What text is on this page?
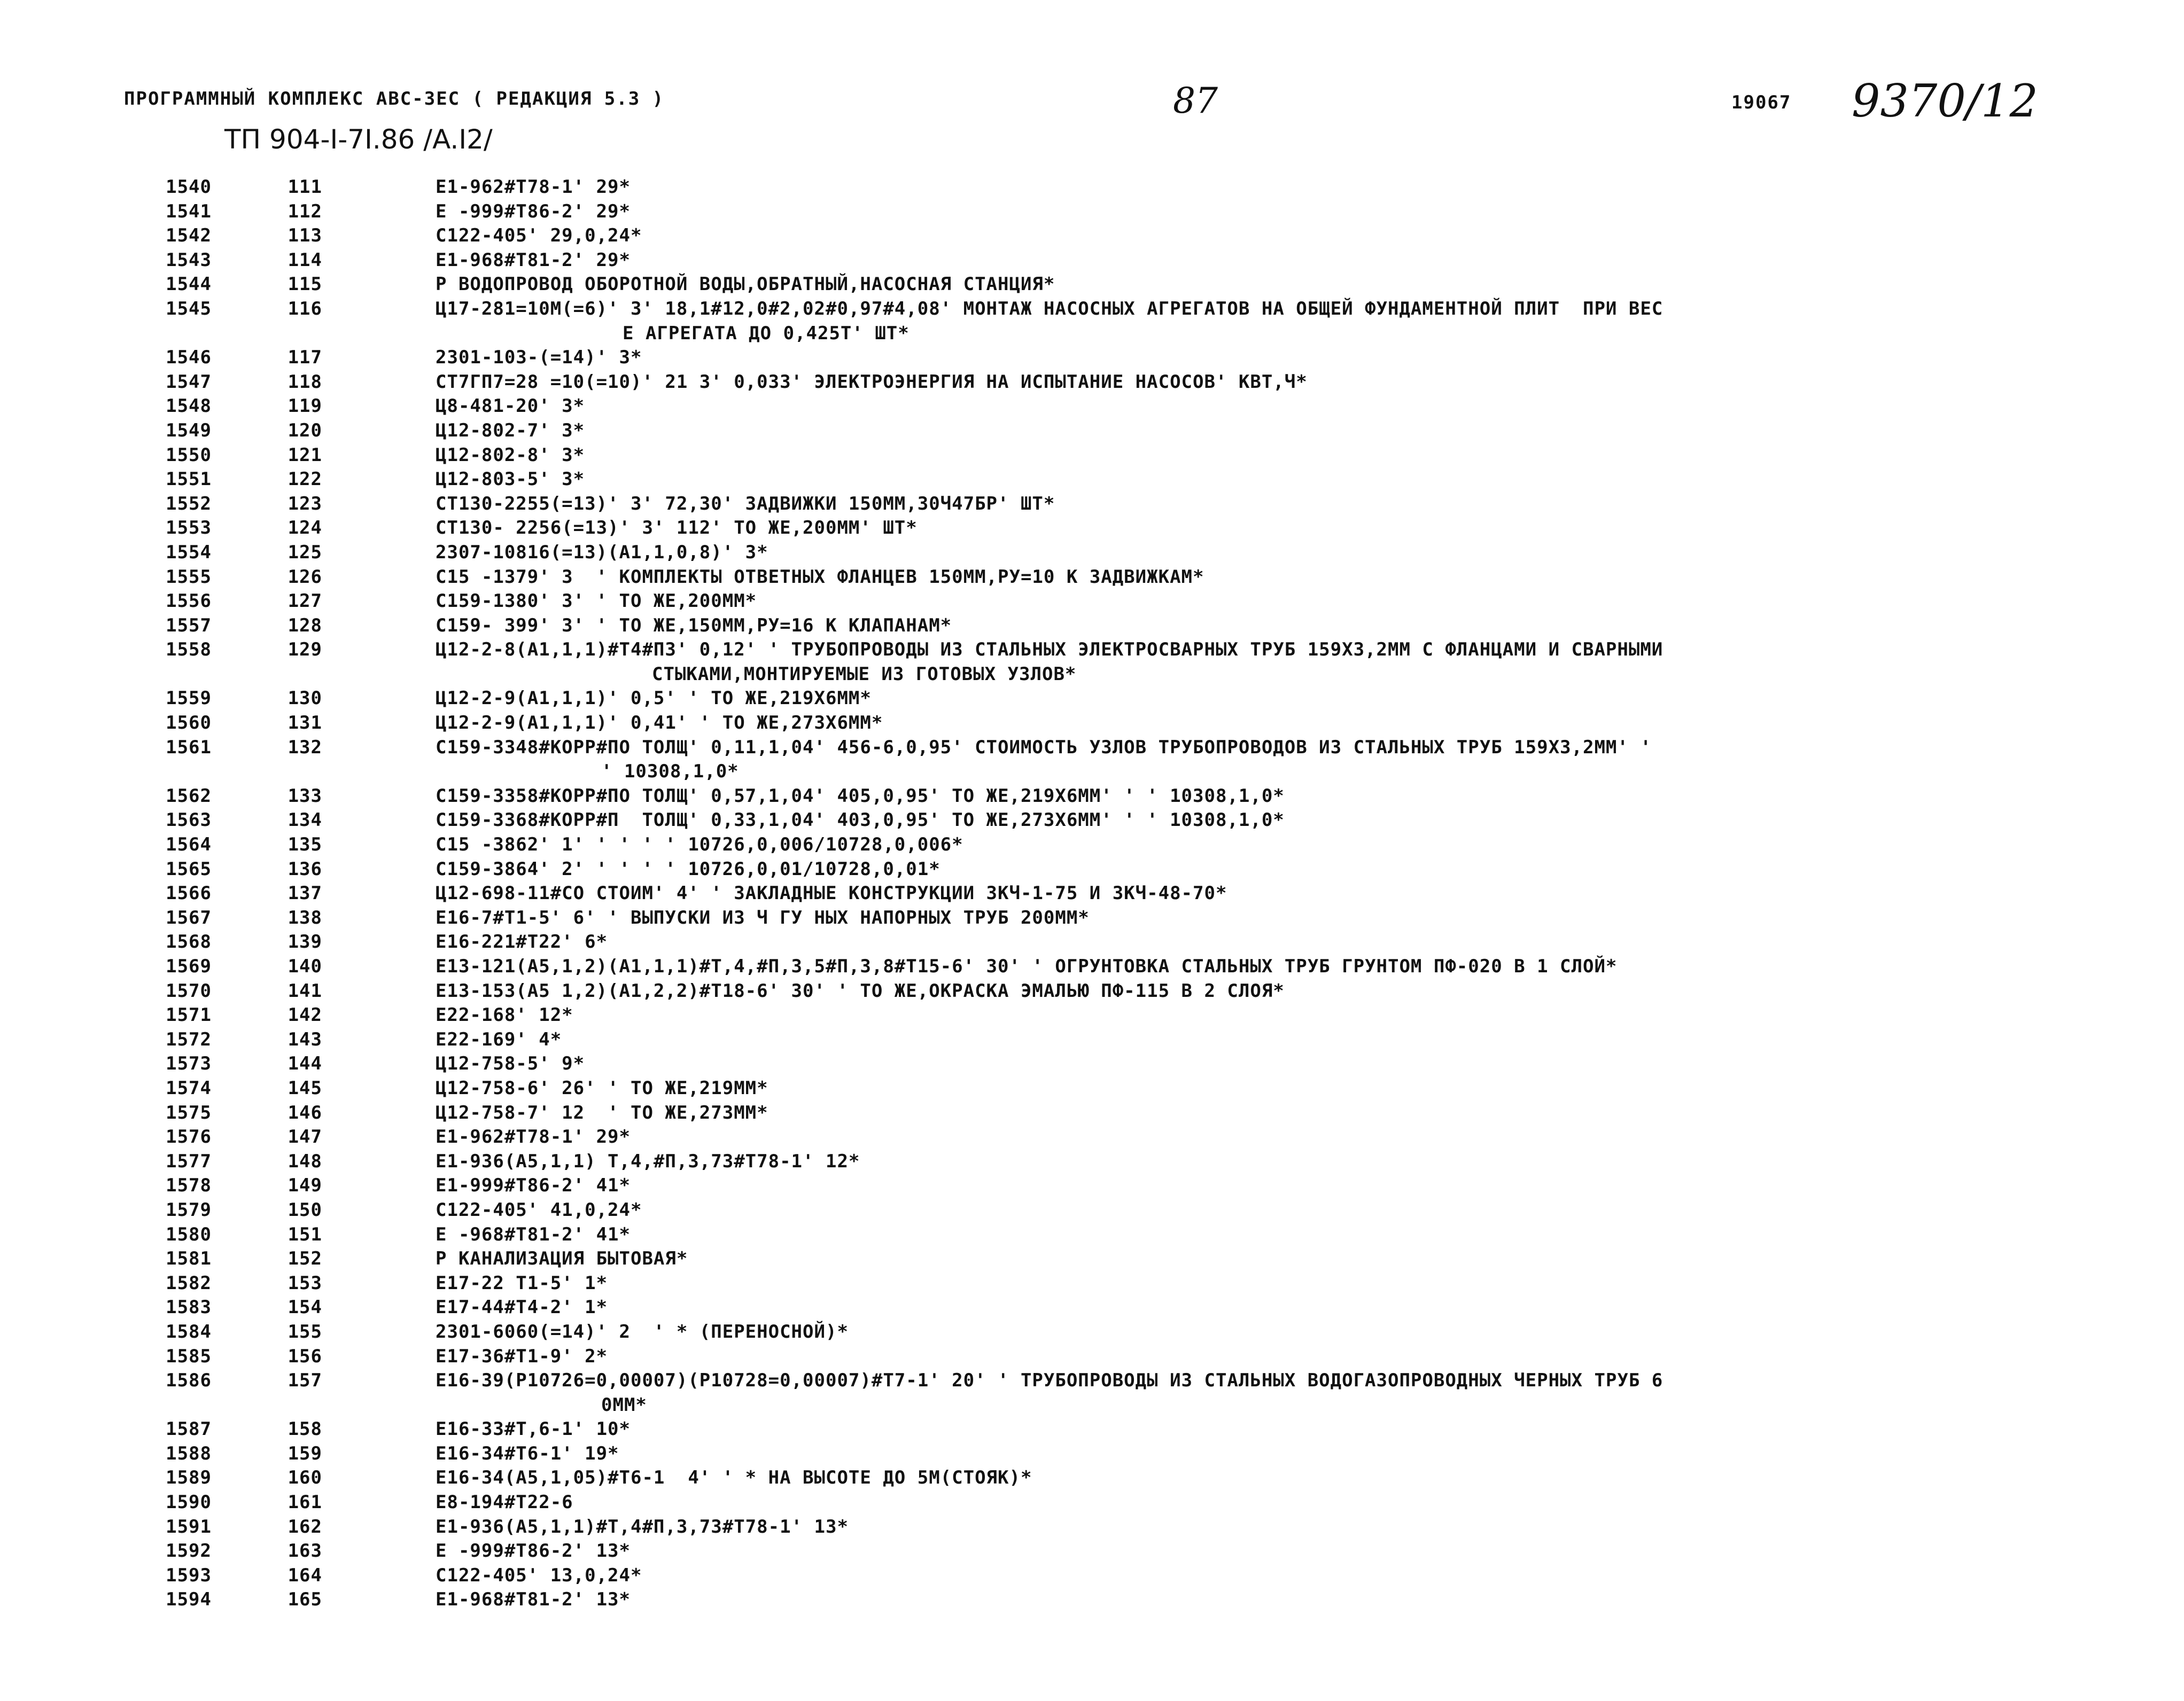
ПРОГРАММНЫЙ КОМПЛЕКС АВС-3ЕС ( РЕДАКЦИЯ 5.3 )	87	19067 9370/12
ТП 904-I-7I.86 /A.I2/
1540	111	Е1-962#Т78-1' 29*
1541	112	Е -999#Т86-2' 29*
1542	113	С122-405' 29,0,24*
1543	114	Е1-968#Т81-2' 29*
1544	115	Р ВОДОПРОВОД ОБОРОТНОЙ ВОДЫ,ОБРАТНЫЙ,НАСОСНАЯ СТАНЦИЯ*
1545	116	Ц17-281=10М(=6)' 3' 18,1#12,0#2,02#0,97#4,08' МОНТАЖ НАСОСНЫХ АГРЕГАТОВ НА ОБЩЕЙ ФУНДАМЕНТНОЙ ПЛИТ  ПРИ ВЕС
Е АГРЕГАТА ДО 0,425Т' ШТ*
1546	117	2301-103-(=14)' 3*
1547	118	СТ7ГП7=28 =10(=10)' 21 3' 0,033' ЭЛЕКТРОЭНЕРГИЯ НА ИСПЫТАНИЕ НАСОСОВ' КВТ,Ч*
1548	119	Ц8-481-20' 3*
1549	120	Ц12-802-7' 3*
1550	121	Ц12-802-8' 3*
1551	122	Ц12-803-5' 3*
1552	123	СТ130-2255(=13)' 3' 72,30' ЗАДВИЖКИ 150ММ,30Ч47БР' ШТ*
1553	124	СТ130- 2256(=13)' 3' 112' ТО ЖЕ,200ММ' ШТ*
1554	125	2307-10816(=13)(А1,1,0,8)' 3*
1555	126	С15 -1379' 3  ' КОМПЛЕКТЫ ОТВЕТНЫХ ФЛАНЦЕВ 150ММ,РУ=10 К ЗАДВИЖКАМ*
1556	127	С159-1380' 3' ' ТО ЖЕ,200ММ*
1557	128	С159- 399' 3' ' ТО ЖЕ,150ММ,РУ=16 К КЛАПАНАМ*
1558	129	Ц12-2-8(А1,1,1)#Т4#П3' 0,12' ' ТРУБОПРОВОДЫ ИЗ СТАЛЬНЫХ ЭЛЕКТРОСВАРНЫХ ТРУБ 159Х3,2ММ С ФЛАНЦАМИ И СВАРНЫМИ
СТЫКАМИ,МОНТИРУЕМЫЕ ИЗ ГОТОВЫХ УЗЛОВ*
1559	130	Ц12-2-9(А1,1,1)' 0,5' ' ТО ЖЕ,219Х6ММ*
1560	131	Ц12-2-9(А1,1,1)' 0,41' ' ТО ЖЕ,273Х6ММ*
1561	132	С159-3348#КОРР#ПО ТОЛЩ' 0,11,1,04' 456-6,0,95' СТОИМОСТЬ УЗЛОВ ТРУБОПРОВОДОВ ИЗ СТАЛЬНЫХ ТРУБ 159Х3,2ММ' '
' 10308,1,0*
1562	133	С159-3358#КОРР#ПО ТОЛЩ' 0,57,1,04' 405,0,95' ТО ЖЕ,219Х6ММ' ' ' 10308,1,0*
1563	134	С159-3368#КОРР#П  ТОЛЩ' 0,33,1,04' 403,0,95' ТО ЖЕ,273Х6ММ' ' ' 10308,1,0*
1564	135	С15 -3862' 1' ' ' ' ' 10726,0,006/10728,0,006*
1565	136	С159-3864' 2' ' ' ' ' 10726,0,01/10728,0,01*
1566	137	Ц12-698-11#СО СТОИМ' 4' ' ЗАКЛАДНЫЕ КОНСТРУКЦИИ ЗКЧ-1-75 И ЗКЧ-48-70*
1567	138	Е16-7#Т1-5' 6' ' ВЫПУСКИ ИЗ Ч ГУ НЫХ НАПОРНЫХ ТРУБ 200ММ*
1568	139	Е16-221#Т22' 6*
1569	140	Е13-121(А5,1,2)(А1,1,1)#Т,4,#П,3,5#П,3,8#Т15-6' 30' ' ОГРУНТОВКА СТАЛЬНЫХ ТРУБ ГРУНТОМ ПФ-020 В 1 СЛОЙ*
1570	141	Е13-153(А5 1,2)(А1,2,2)#Т18-6' 30' ' ТО ЖЕ,ОКРАСКА ЭМАЛЬЮ ПФ-115 В 2 СЛОЯ*
1571	142	Е22-168' 12*
1572	143	Е22-169' 4*
1573	144	Ц12-758-5' 9*
1574	145	Ц12-758-6' 26' ' ТО ЖЕ,219ММ*
1575	146	Ц12-758-7' 12  ' ТО ЖЕ,273ММ*
1576	147	Е1-962#Т78-1' 29*
1577	148	Е1-936(А5,1,1) Т,4,#П,3,73#Т78-1' 12*
1578	149	Е1-999#Т86-2' 41*
1579	150	С122-405' 41,0,24*
1580	151	Е -968#Т81-2' 41*
1581	152	Р КАНАЛИЗАЦИЯ БЫТОВАЯ*
1582	153	Е17-22 Т1-5' 1*
1583	154	Е17-44#Т4-2' 1*
1584	155	2301-6060(=14)' 2  ' * (ПЕРЕНОСНОЙ)*
1585	156	Е17-36#Т1-9' 2*
1586	157	Е16-39(Р10726=0,00007)(Р10728=0,00007)#Т7-1' 20' ' ТРУБОПРОВОДЫ ИЗ СТАЛЬНЫХ ВОДОГАЗОПРОВОДНЫХ ЧЕРНЫХ ТРУБ 6
0ММ*
1587	158	Е16-33#Т,6-1' 10*
1588	159	Е16-34#Т6-1' 19*
1589	160	Е16-34(А5,1,05)#Т6-1  4' ' * НА ВЫСОТЕ ДО 5М(СТОЯК)*
1590	161	Е8-194#Т22-6
1591	162	Е1-936(А5,1,1)#Т,4#П,3,73#Т78-1' 13*
1592	163	Е -999#Т86-2' 13*
1593	164	С122-405' 13,0,24*
1594	165	Е1-968#Т81-2' 13*
